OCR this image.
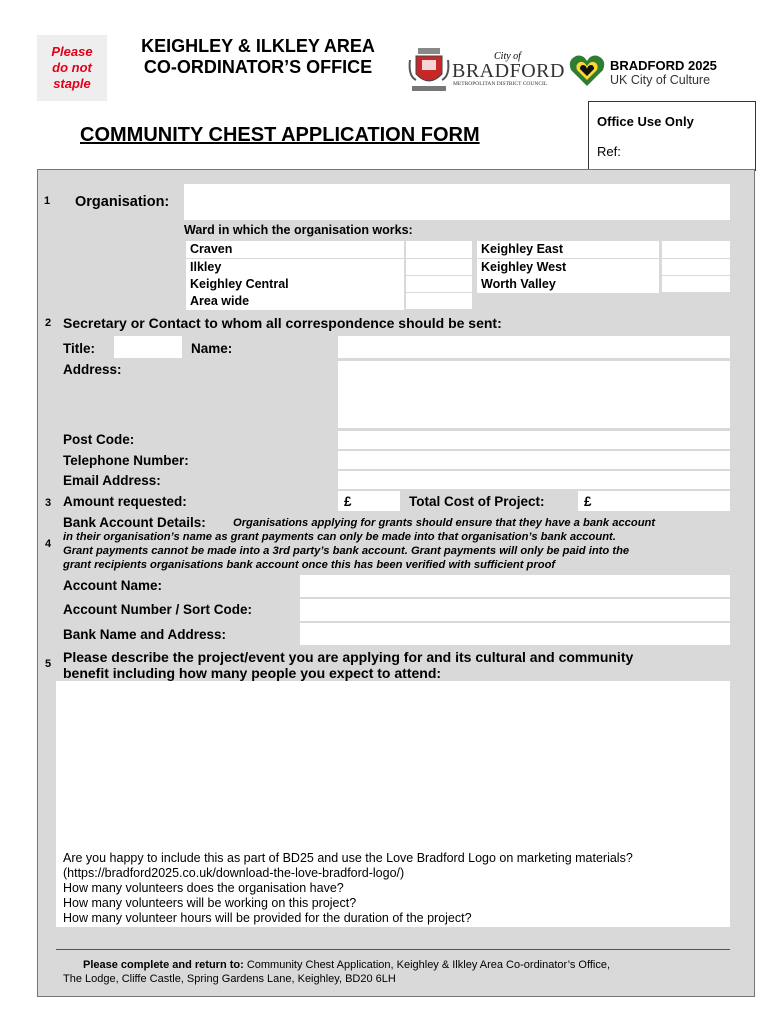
Please
do not
staple
KEIGHLEY & ILKLEY AREA
CO-ORDINATOR’S OFFICE
City of
BRADFORD
METROPOLITAN DISTRICT COUNCIL
BRADFORD 2025
UK City of Culture
COMMUNITY CHEST APPLICATION FORM
Office Use Only
Ref:
1 Organisation:
Ward in which the organisation works:
Craven
Ilkley
Keighley Central
Area wide
Keighley East
Keighley West
Worth Valley
2 Secretary or Contact to whom all correspondence should be sent:
Title:	Name:
Address:
Post Code:
Telephone Number:
Email Address:
3 Amount requested:	£	Total Cost of Project:	£
4
Bank Account Details: Organisations applying for grants should ensure that they have a bank account
in their organisation’s name as grant payments can only be made into that organisation’s bank account.
Grant payments cannot be made into a 3rd party’s bank account. Grant payments will only be paid into the
grant recipients organisations bank account once this has been verified with sufficient proof
Account Name:
Account Number / Sort Code:
Bank Name and Address:
5 Please describe the project/event you are applying for and its cultural and community
benefit including how many people you expect to attend:
Are you happy to include this as part of BD25 and use the Love Bradford Logo on marketing materials?
(https://bradford2025.co.uk/download-the-love-bradford-logo/)
How many volunteers does the organisation have?
How many volunteers will be working on this project?
How many volunteer hours will be provided for the duration of the project?
Please complete and return to: Community Chest Application, Keighley & Ilkley Area Co-ordinator’s Office,
The Lodge, Cliffe Castle, Spring Gardens Lane, Keighley, BD20 6LH
